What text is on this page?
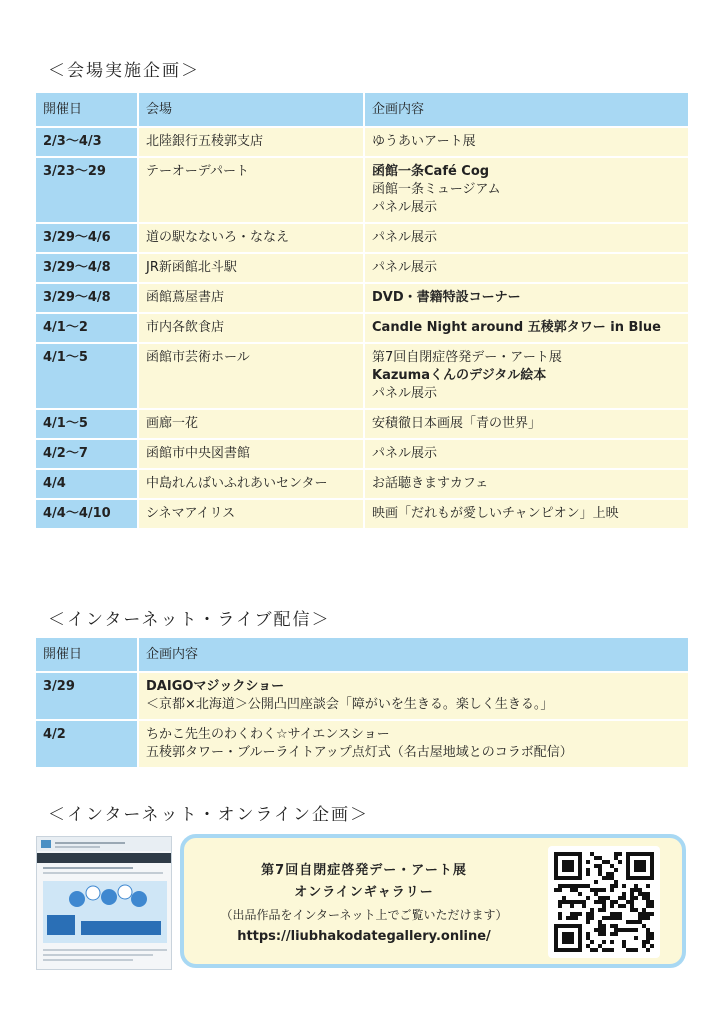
＜会場実施企画＞
開催日	会場	企画内容
2/3〜4/3	北陸銀行五稜郭支店	ゆうあいアート展

3/23〜29	テーオーデパート	函館一条Café Cog
函館一条ミュージアム
パネル展示

3/29〜4/6	道の駅なないろ・ななえ	パネル展示

3/29〜4/8	JR新函館北斗駅	パネル展示

3/29〜4/8	函館蔦屋書店	DVD・書籍特設コーナー

4/1〜2	市内各飲食店	Candle Night around 五稜郭タワー in Blue

4/1〜5	函館市芸術ホール	第7回自閉症啓発デー・アート展
Kazumaくんのデジタル絵本
パネル展示

4/1〜5	画廊一花	安積徹日本画展「青の世界」

4/2〜7	函館市中央図書館	パネル展示

4/4	中島れんばいふれあいセンター	お話聴きますカフェ

4/4〜4/10	シネマアイリス	映画「だれもが愛しいチャンピオン」上映
＜インターネット・ライブ配信＞
開催日	企画内容
3/29	DAIGOマジックショー
＜京都×北海道＞公開凸凹座談会「障がいを生きる。楽しく生きる。」

4/2	ちかこ先生のわくわく☆サイエンスショー
五稜郭タワー・ブルーライトアップ点灯式（名古屋地域とのコラボ配信）
＜インターネット・オンライン企画＞
第7回自閉症啓発デー・アート展
オンラインギャラリー
（出品作品をインターネット上でご覧いただけます）
https://liubhakodategallery.online/
